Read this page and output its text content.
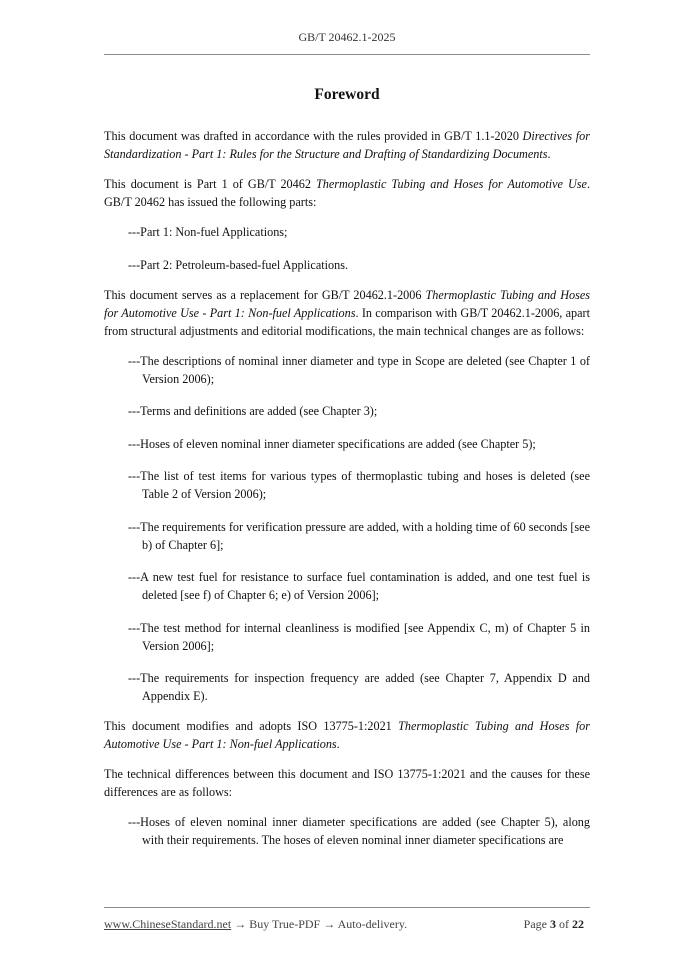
GB/T 20462.1-2025
Foreword

This document was drafted in accordance with the rules provided in GB/T 1.1-2020 Directives for Standardization - Part 1: Rules for the Structure and Drafting of Standardizing Documents.

This document is Part 1 of GB/T 20462 Thermoplastic Tubing and Hoses for Automotive Use. GB/T 20462 has issued the following parts:

---Part 1: Non-fuel Applications;

---Part 2: Petroleum-based-fuel Applications.

This document serves as a replacement for GB/T 20462.1-2006 Thermoplastic Tubing and Hoses for Automotive Use - Part 1: Non-fuel Applications. In comparison with GB/T 20462.1-2006, apart from structural adjustments and editorial modifications, the main technical changes are as follows:

---The descriptions of nominal inner diameter and type in Scope are deleted (see Chapter 1 of Version 2006);

---Terms and definitions are added (see Chapter 3);

---Hoses of eleven nominal inner diameter specifications are added (see Chapter 5);

---The list of test items for various types of thermoplastic tubing and hoses is deleted (see Table 2 of Version 2006);

---The requirements for verification pressure are added, with a holding time of 60 seconds [see b) of Chapter 6];

---A new test fuel for resistance to surface fuel contamination is added, and one test fuel is deleted [see f) of Chapter 6; e) of Version 2006];

---The test method for internal cleanliness is modified [see Appendix C, m) of Chapter 5 in Version 2006];

---The requirements for inspection frequency are added (see Chapter 7, Appendix D and Appendix E).

This document modifies and adopts ISO 13775-1:2021 Thermoplastic Tubing and Hoses for Automotive Use - Part 1: Non-fuel Applications.

The technical differences between this document and ISO 13775-1:2021 and the causes for these differences are as follows:

---Hoses of eleven nominal inner diameter specifications are added (see Chapter 5), along with their requirements. The hoses of eleven nominal inner diameter specifications are

www.ChineseStandard.net → Buy True-PDF → Auto-delivery.	Page 3 of 22
